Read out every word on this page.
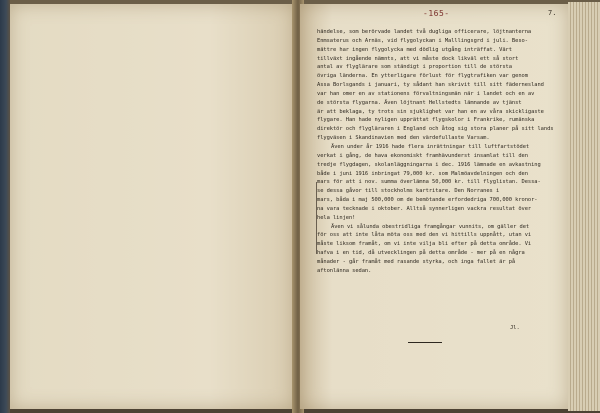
-165-	7.
händelse, som berörvade landet två dugliga officerare, löjtnanterna
Enmsaterus och Arnäs, vid flygolyckan i Malllingsgrd i juli. Beso-
mättre har ingen flygolycka med dödlig utgång inträffat. Värt
tillväxt ingående nämnts, att vi måste dock likväl ett så stort
antal av flyglärare som ständigt i proportion till de största
övriga länderna. En ytterligare förlust för flygtrafiken var genom
Assa Borlsgands i januari, ty sådant han skrivit till sitt fädernesland
var han omer en av stationens förvaltningsmän när i landet och en av
de största flygarna. Även löjtnant Hellstedts lämnande av tjänst
är att beklaga, ty trots sin sjuklighet var han en av våra skickligaste
flygare. Han hade nyligen upprättat flygskolor i Frankrike, rumänska
direktör och flygläraren i England och åtog sig stora planer på sitt lands
flygväsen i Skandinavien med den värdefullaste Varsam.
Även under år 1916 hade flera inrättningar till luftfartstödet
verkat i gång, de hava ekonomiskt framhävunderst insamlat till den
tredje flygdagen, skolanläggningarna i dec. 1916 lämnade en avkastning
både i juni 1916 inbringat 79,000 kr. som Malmöavdelningen och den
mars för att i nov. summa överlämna 50,000 kr. till flyglistan. Dessa-
se dessa gåvor till stockholms kartritare. Den Norranes i
mars, båda i maj 500,000 om de bemötande erfordedriga 700,000 kronor-
na vara tecknade i oktober. Alltså synnerligen vackra resultat över
hela linjen!
Även vi sålunda obestridliga framgångar vunnits, om gäller det
för oss att inte låta möta oss med den vi hittills uppnått, utan vi
måste liksom framåt, om vi inte vilja bli efter på detta område. Vi
hafva i en tid, då utvecklingen på detta område - mer på en några
månader - går framåt med rasande styrka, och inga fallet är på
aftonlänna sedan.
Jl.
